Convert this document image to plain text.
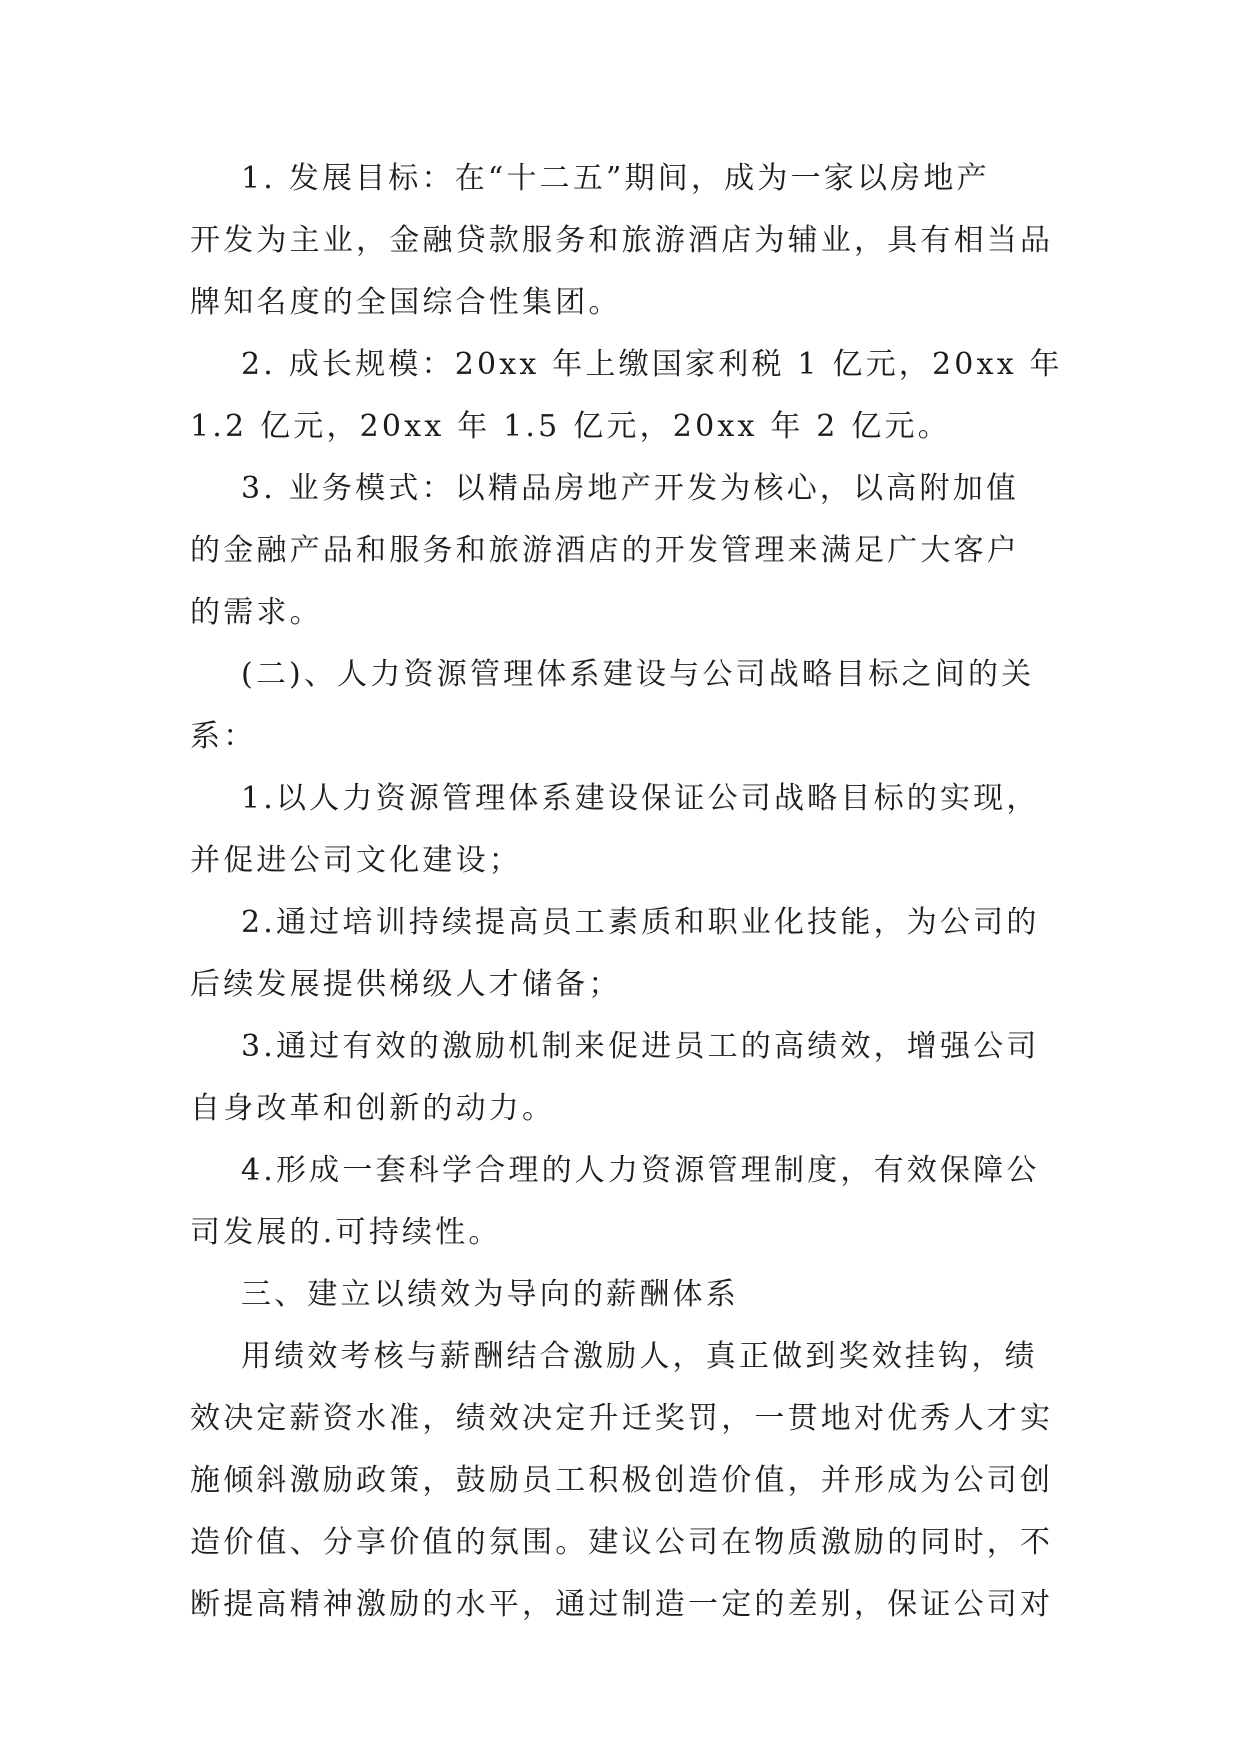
1. 发展目标：在“十二五”期间，成为一家以房地产
开发为主业，金融贷款服务和旅游酒店为辅业，具有相当品
牌知名度的全国综合性集团。
2. 成长规模：20xx 年上缴国家利税 1 亿元，20xx 年
1.2 亿元，20xx 年 1.5 亿元，20xx 年 2 亿元。
3. 业务模式：以精品房地产开发为核心，以高附加值
的金融产品和服务和旅游酒店的开发管理来满足广大客户
的需求。
(二)、人力资源管理体系建设与公司战略目标之间的关
系：
1.以人力资源管理体系建设保证公司战略目标的实现，
并促进公司文化建设；
2.通过培训持续提高员工素质和职业化技能，为公司的
后续发展提供梯级人才储备；
3.通过有效的激励机制来促进员工的高绩效，增强公司
自身改革和创新的动力。
4.形成一套科学合理的人力资源管理制度，有效保障公
司发展的.可持续性。
三、建立以绩效为导向的薪酬体系
用绩效考核与薪酬结合激励人，真正做到奖效挂钩，绩
效决定薪资水准，绩效决定升迁奖罚，一贯地对优秀人才实
施倾斜激励政策，鼓励员工积极创造价值，并形成为公司创
造价值、分享价值的氛围。建议公司在物质激励的同时，不
断提高精神激励的水平，通过制造一定的差别，保证公司对
